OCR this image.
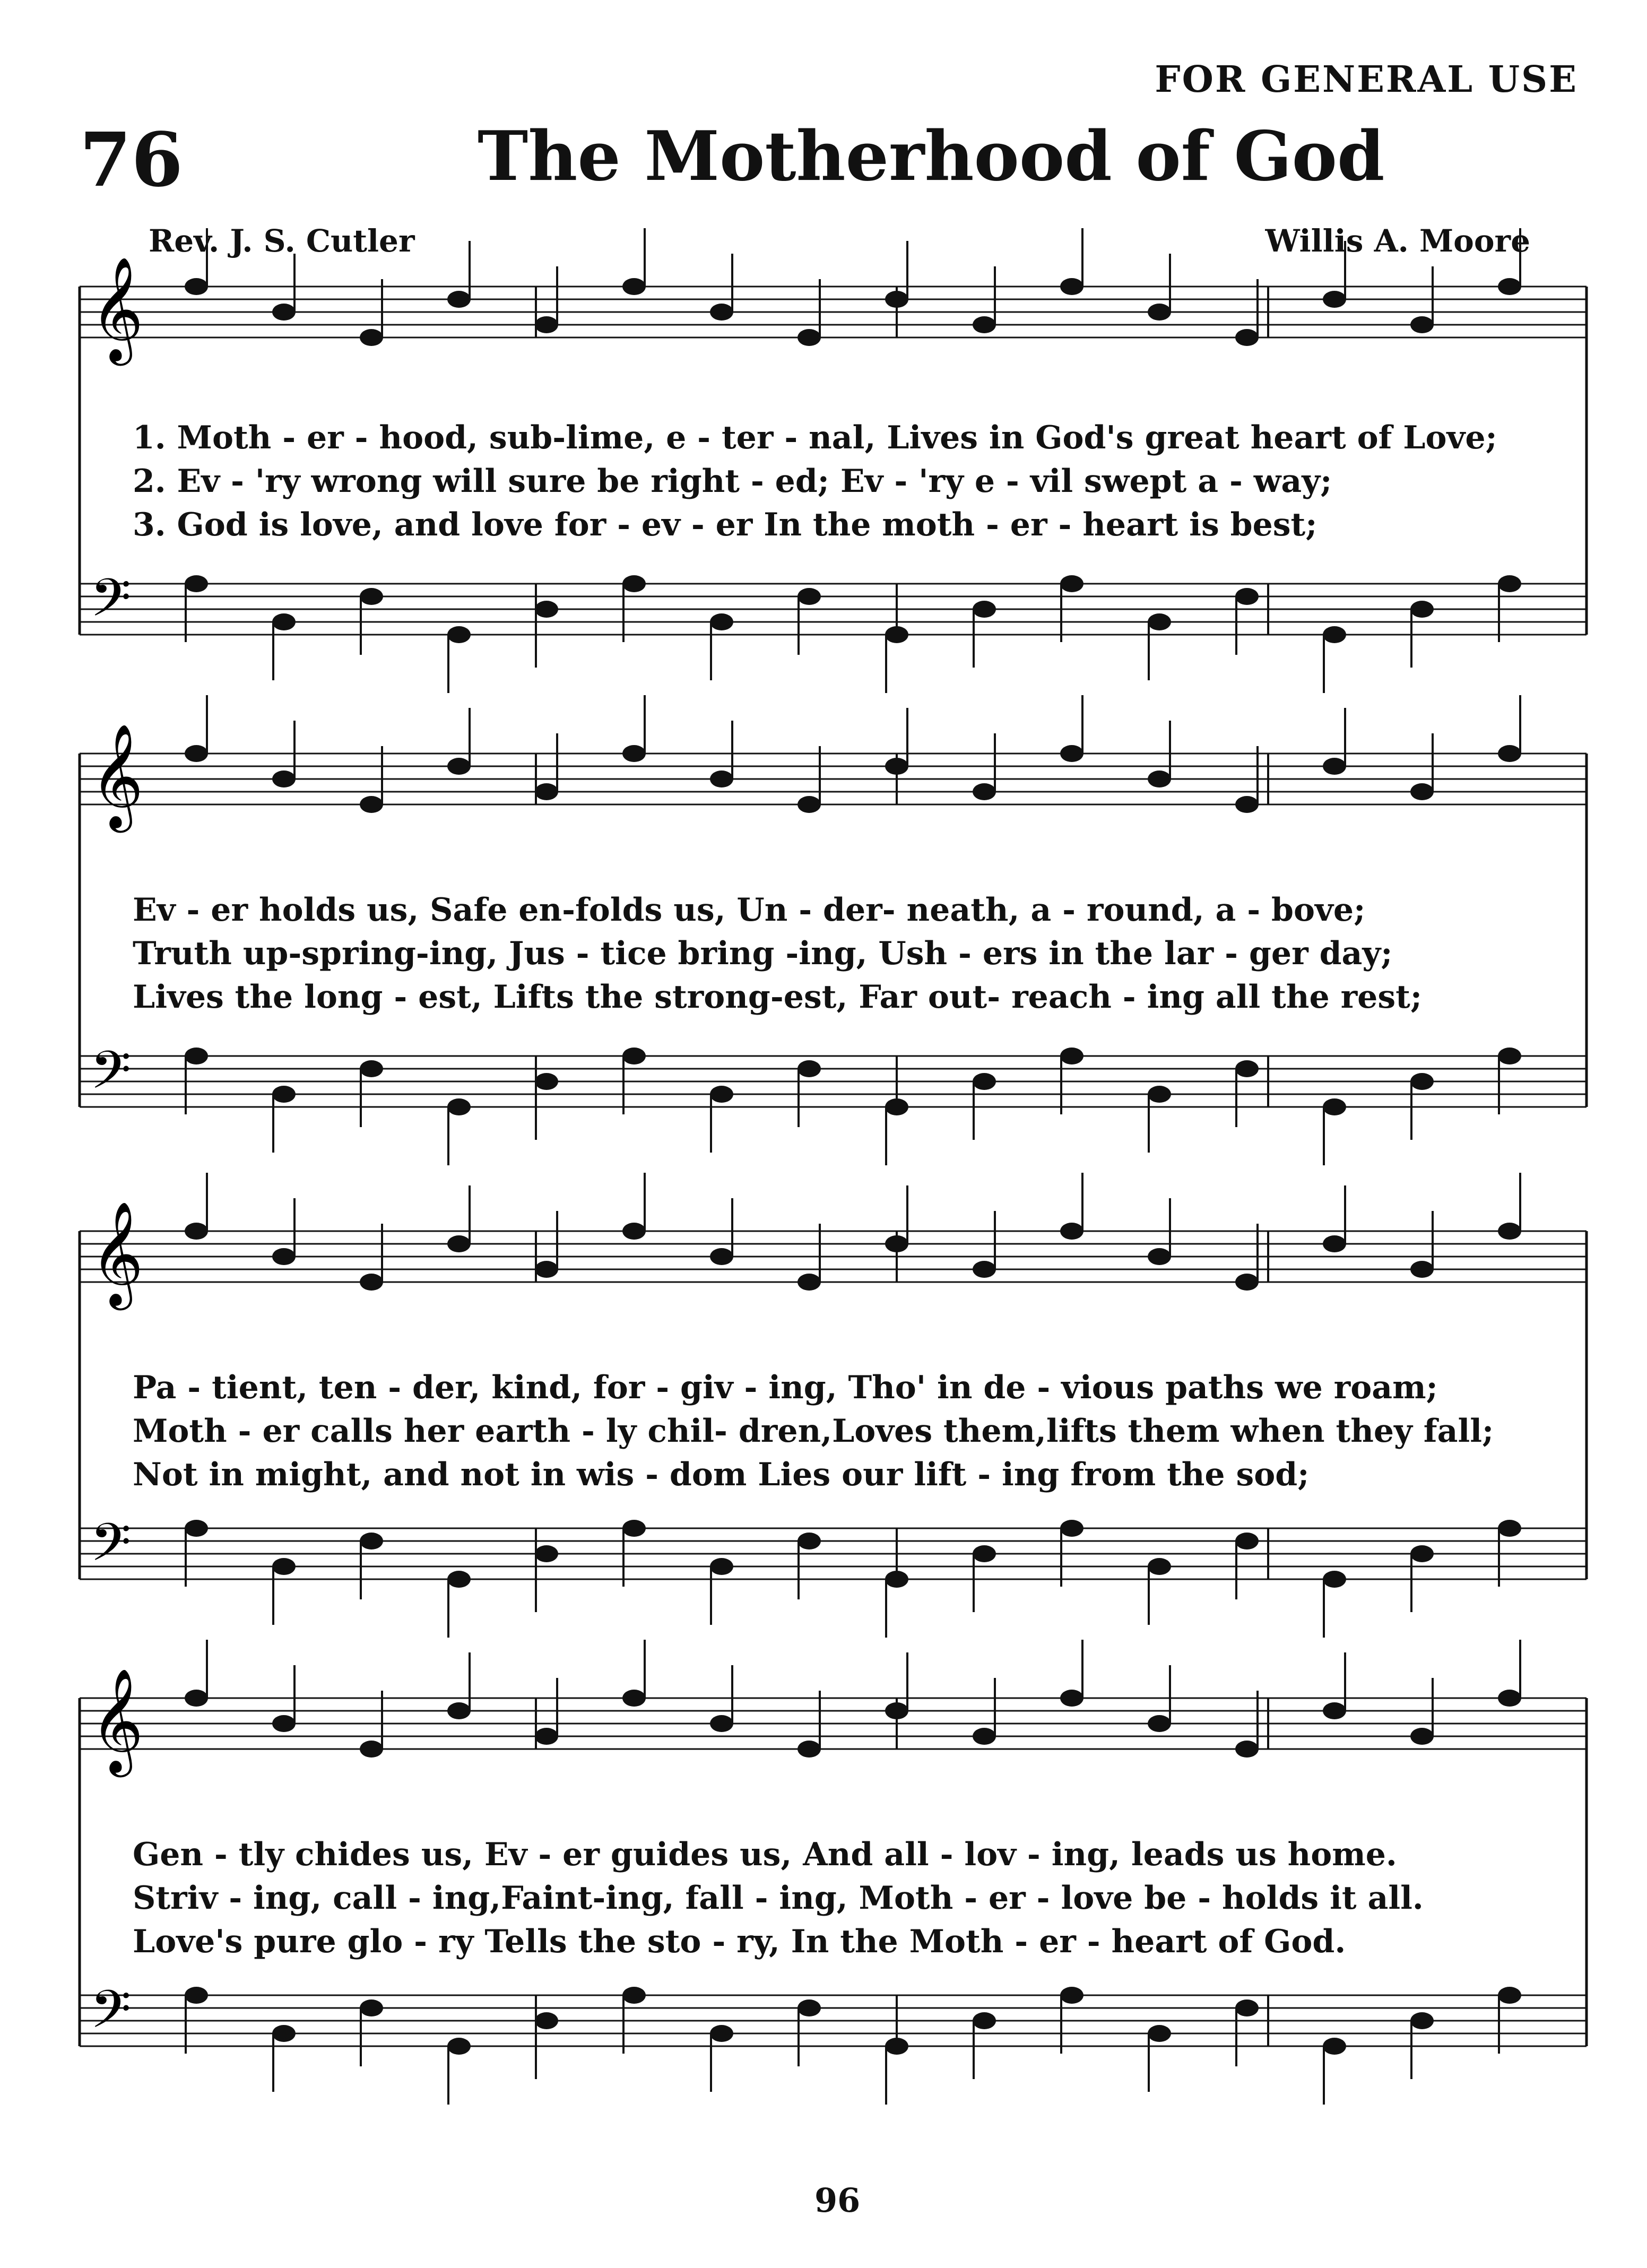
FOR GENERAL USE
76	The Motherhood of God
Rev. J. S. Cutler	Willis A. Moore
𝄞
𝄢
𝄞
𝄢
𝄞
𝄢
𝄞
𝄢
1. Moth - er - hood, sub-lime, e - ter - nal, Lives in God's great heart of Love;
2. Ev - 'ry wrong will sure be right - ed; Ev - 'ry e - vil swept a - way;
3. God is love, and love for - ev - er In the moth - er - heart is best;
Ev - er holds us, Safe en-folds us, Un - der- neath, a - round, a - bove;
Truth up-spring-ing, Jus - tice bring -ing, Ush - ers in the lar - ger day;
Lives the long - est, Lifts the strong-est, Far out- reach - ing all the rest;
Pa - tient, ten - der, kind, for - giv - ing, Tho' in de - vious paths we roam;
Moth - er calls her earth - ly chil- dren,Loves them,lifts them when they fall;
Not in might, and not in wis - dom Lies our lift - ing from the sod;
Gen - tly chides us, Ev - er guides us, And all - lov - ing, leads us home.
Striv - ing, call - ing,Faint-ing, fall - ing, Moth - er - love be - holds it all.
Love's pure glo - ry Tells the sto - ry, In the Moth - er - heart of God.
96
